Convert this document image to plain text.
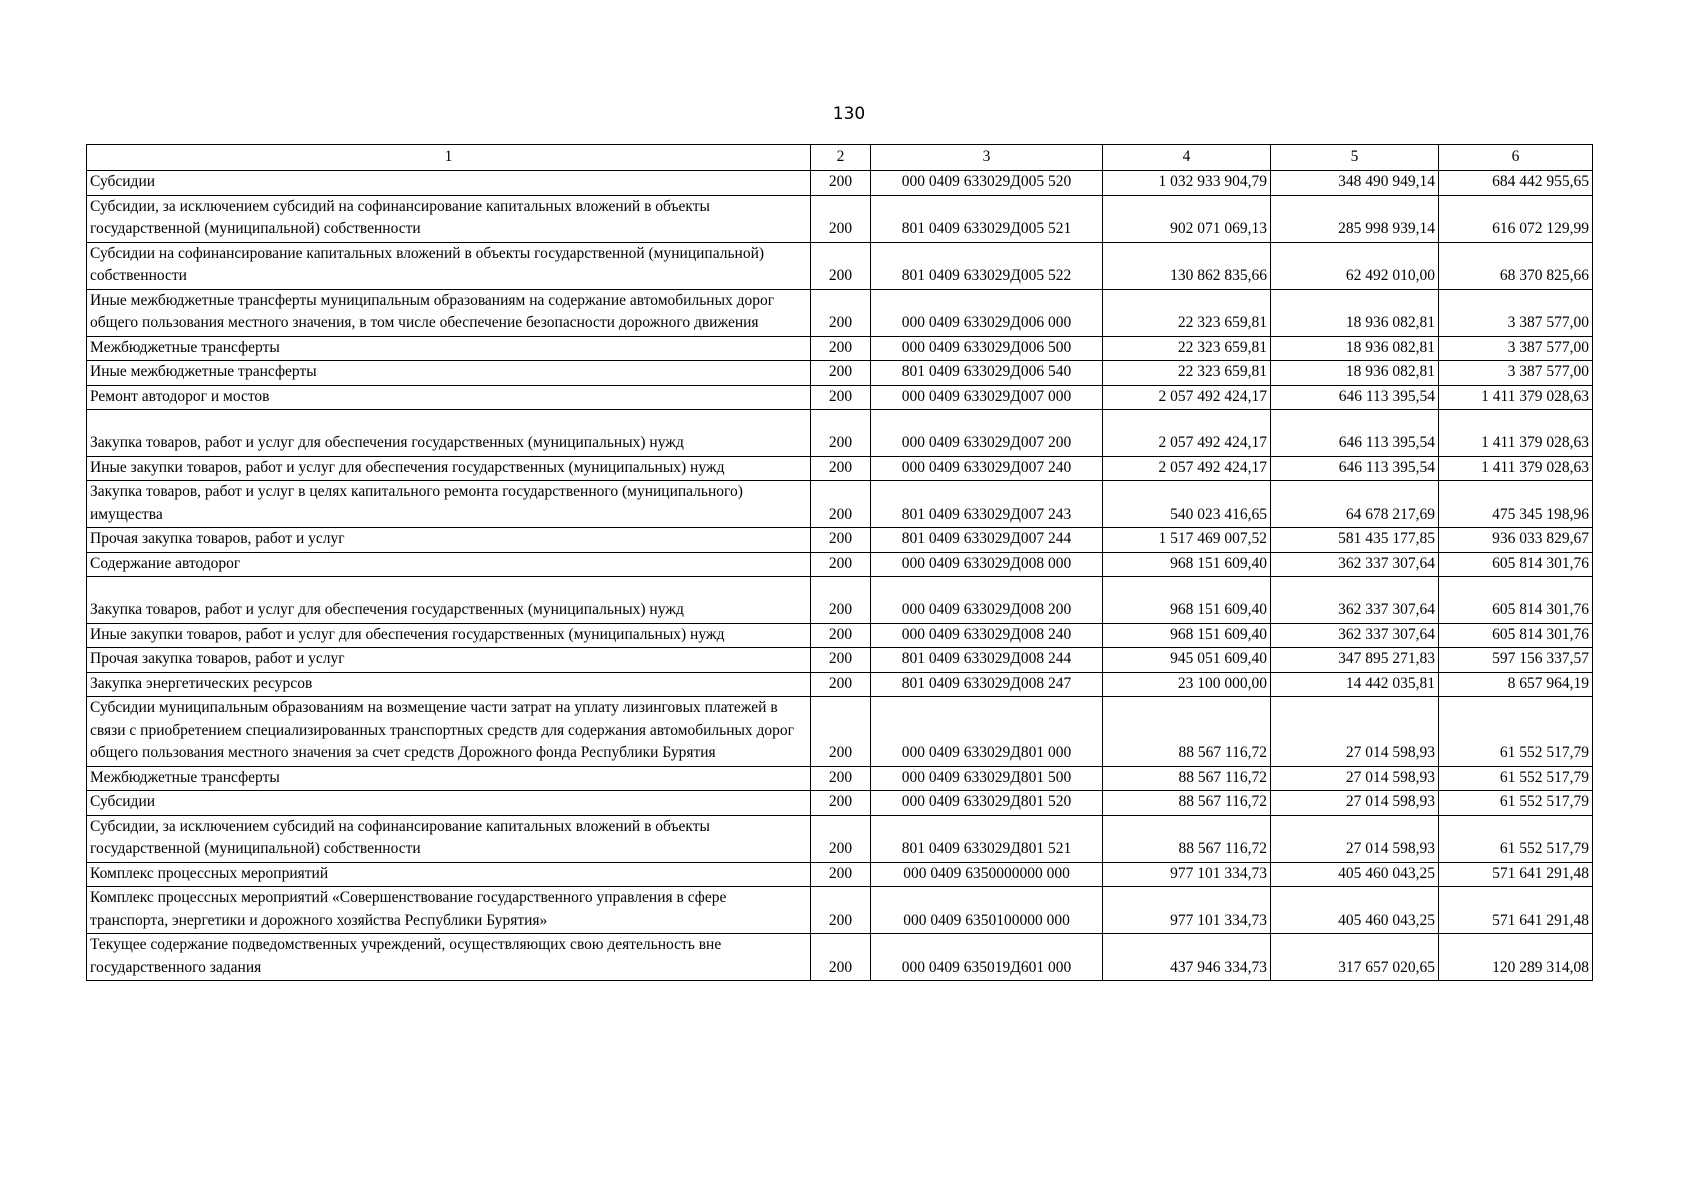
130
1	2	3	4	5	6
Субсидии	200	000 0409 633029Д005 520	1 032 933 904,79	348 490 949,14	684 442 955,65
Субсидии, за исключением субсидий на софинансирование капитальных вложений в объекты государственной (муниципальной) собственности	200	801 0409 633029Д005 521	902 071 069,13	285 998 939,14	616 072 129,99
Субсидии на софинансирование капитальных вложений в объекты государственной (муниципальной) собственности	200	801 0409 633029Д005 522	130 862 835,66	62 492 010,00	68 370 825,66
Иные межбюджетные трансферты муниципальным образованиям на содержание автомобильных дорог общего пользования местного значения, в том числе обеспечение безопасности дорожного движения	200	000 0409 633029Д006 000	22 323 659,81	18 936 082,81	3 387 577,00
Межбюджетные трансферты	200	000 0409 633029Д006 500	22 323 659,81	18 936 082,81	3 387 577,00
Иные межбюджетные трансферты	200	801 0409 633029Д006 540	22 323 659,81	18 936 082,81	3 387 577,00
Ремонт автодорог и мостов	200	000 0409 633029Д007 000	2 057 492 424,17	646 113 395,54	1 411 379 028,63
Закупка товаров, работ и услуг для обеспечения государственных (муниципальных) нужд	200	000 0409 633029Д007 200	2 057 492 424,17	646 113 395,54	1 411 379 028,63
Иные закупки товаров, работ и услуг для обеспечения государственных (муниципальных) нужд	200	000 0409 633029Д007 240	2 057 492 424,17	646 113 395,54	1 411 379 028,63
Закупка товаров, работ и услуг в целях капитального ремонта государственного (муниципального) имущества	200	801 0409 633029Д007 243	540 023 416,65	64 678 217,69	475 345 198,96
Прочая закупка товаров, работ и услуг	200	801 0409 633029Д007 244	1 517 469 007,52	581 435 177,85	936 033 829,67
Содержание автодорог	200	000 0409 633029Д008 000	968 151 609,40	362 337 307,64	605 814 301,76
Закупка товаров, работ и услуг для обеспечения государственных (муниципальных) нужд	200	000 0409 633029Д008 200	968 151 609,40	362 337 307,64	605 814 301,76
Иные закупки товаров, работ и услуг для обеспечения государственных (муниципальных) нужд	200	000 0409 633029Д008 240	968 151 609,40	362 337 307,64	605 814 301,76
Прочая закупка товаров, работ и услуг	200	801 0409 633029Д008 244	945 051 609,40	347 895 271,83	597 156 337,57
Закупка энергетических ресурсов	200	801 0409 633029Д008 247	23 100 000,00	14 442 035,81	8 657 964,19
Субсидии муниципальным образованиям на возмещение части затрат на уплату лизинговых платежей в связи с приобретением специализированных транспортных средств для содержания автомобильных дорог общего пользования местного значения за счет средств Дорожного фонда Республики Бурятия	200	000 0409 633029Д801 000	88 567 116,72	27 014 598,93	61 552 517,79
Межбюджетные трансферты	200	000 0409 633029Д801 500	88 567 116,72	27 014 598,93	61 552 517,79
Субсидии	200	000 0409 633029Д801 520	88 567 116,72	27 014 598,93	61 552 517,79
Субсидии, за исключением субсидий на софинансирование капитальных вложений в объекты государственной (муниципальной) собственности	200	801 0409 633029Д801 521	88 567 116,72	27 014 598,93	61 552 517,79
Комплекс процессных мероприятий	200	000 0409 6350000000 000	977 101 334,73	405 460 043,25	571 641 291,48
Комплекс процессных мероприятий «Совершенствование государственного управления в сфере транспорта, энергетики и дорожного хозяйства Республики Бурятия»	200	000 0409 6350100000 000	977 101 334,73	405 460 043,25	571 641 291,48
Текущее содержание подведомственных учреждений, осуществляющих свою деятельность вне государственного задания	200	000 0409 635019Д601 000	437 946 334,73	317 657 020,65	120 289 314,08
